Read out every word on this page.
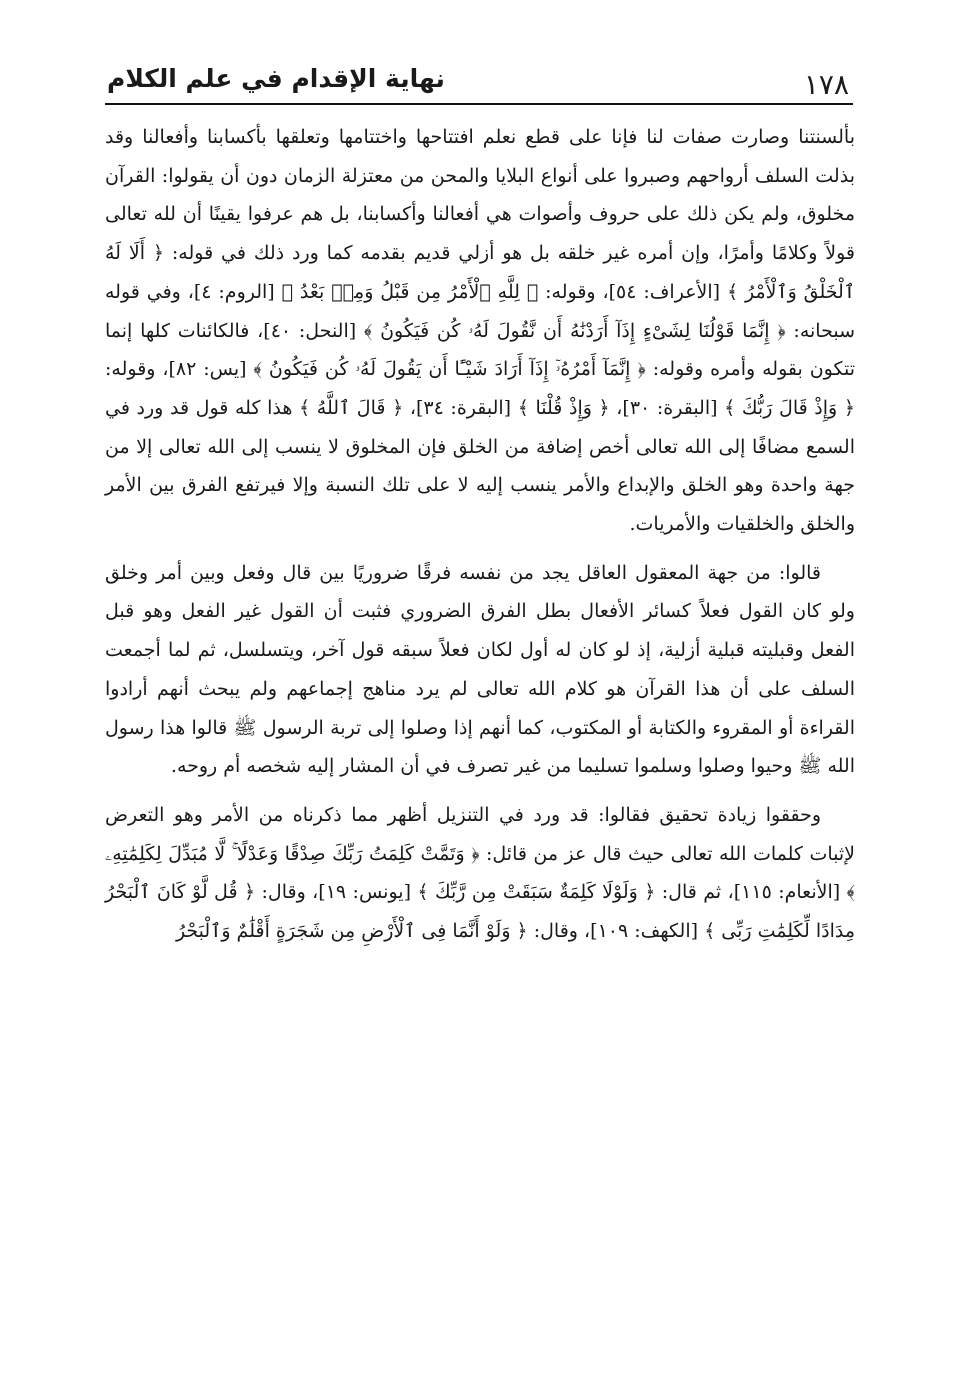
١٧٨
نهاية الإقدام في علم الكلام

بألسنتنا وصارت صفات لنا فإنا على قطع نعلم افتتاحها واختتامها وتعلقها بأكسابنا وأفعالنا وقد بذلت السلف أرواحهم وصبروا على أنواع البلايا والمحن من معتزلة الزمان دون أن يقولوا: القرآن مخلوق، ولم يكن ذلك على حروف وأصوات هي أفعالنا وأكسابنا، بل هم عرفوا يقينًا أن لله تعالى قولاً وكلامًا وأمرًا، وإن أمره غير خلقه بل هو أزلي قديم بقدمه كما ورد ذلك في قوله: ﴿ أَلَا لَهُ ٱلْخَلْقُ وَٱلْأَمْرُ ﴾ [الأعراف: ٥٤]، وقوله: ﴿ لِلَّهِ ٱلْأَمْرُ مِن قَبْلُ وَمِنۢ بَعْدُ ﴾ [الروم: ٤]، وفي قوله سبحانه: ﴿ إِنَّمَا قَوْلُنَا لِشَىْءٍ إِذَآ أَرَدْنَٰهُ أَن نَّقُولَ لَهُۥ كُن فَيَكُونُ ﴾ [النحل: ٤٠]، فالكائنات كلها إنما تتكون بقوله وأمره وقوله: ﴿ إِنَّمَآ أَمْرُهُۥٓ إِذَآ أَرَادَ شَيْـًٔا أَن يَقُولَ لَهُۥ كُن فَيَكُونُ ﴾ [يس: ٨٢]، وقوله: ﴿ وَإِذْ قَالَ رَبُّكَ ﴾ [البقرة: ٣٠]، ﴿ وَإِذْ قُلْنَا ﴾ [البقرة: ٣٤]، ﴿ قَالَ ٱللَّهُ ﴾ هذا كله قول قد ورد في السمع مضافًا إلى الله تعالى أخص إضافة من الخلق فإن المخلوق لا ينسب إلى الله تعالى إلا من جهة واحدة وهو الخلق والإبداع والأمر ينسب إليه لا على تلك النسبة وإلا فيرتفع الفرق بين الأمر والخلق والخلقيات والأمريات.

قالوا: من جهة المعقول العاقل يجد من نفسه فرقًا ضروريًا بين قال وفعل وبين أمر وخلق ولو كان القول فعلاً كسائر الأفعال بطل الفرق الضروري فثبت أن القول غير الفعل وهو قبل الفعل وقبليته قبلية أزلية، إذ لو كان له أول لكان فعلاً سبقه قول آخر، ويتسلسل، ثم لما أجمعت السلف على أن هذا القرآن هو كلام الله تعالى لم يرد مناهج إجماعهم ولم يبحث أنهم أرادوا القراءة أو المقروء والكتابة أو المكتوب، كما أنهم إذا وصلوا إلى تربة الرسول ﷺ قالوا هذا رسول الله ﷺ وحيوا وصلوا وسلموا تسليما من غير تصرف في أن المشار إليه شخصه أم روحه.

وحققوا زيادة تحقيق فقالوا: قد ورد في التنزيل أظهر مما ذكرناه من الأمر وهو التعرض لإثبات كلمات الله تعالى حيث قال عز من قائل: ﴿ وَتَمَّتْ كَلِمَتُ رَبِّكَ صِدْقًا وَعَدْلًا ۚ لَّا مُبَدِّلَ لِكَلِمَٰتِهِۦ ﴾ [الأنعام: ١١٥]، ثم قال: ﴿ وَلَوْلَا كَلِمَةٌ سَبَقَتْ مِن رَّبِّكَ ﴾ [يونس: ١٩]، وقال: ﴿ قُل لَّوْ كَانَ ٱلْبَحْرُ مِدَادًا لِّكَلِمَٰتِ رَبِّى ﴾ [الكهف: ١٠٩]، وقال: ﴿ وَلَوْ أَنَّمَا فِى ٱلْأَرْضِ مِن شَجَرَةٍ أَقْلَٰمٌ وَٱلْبَحْرُ
